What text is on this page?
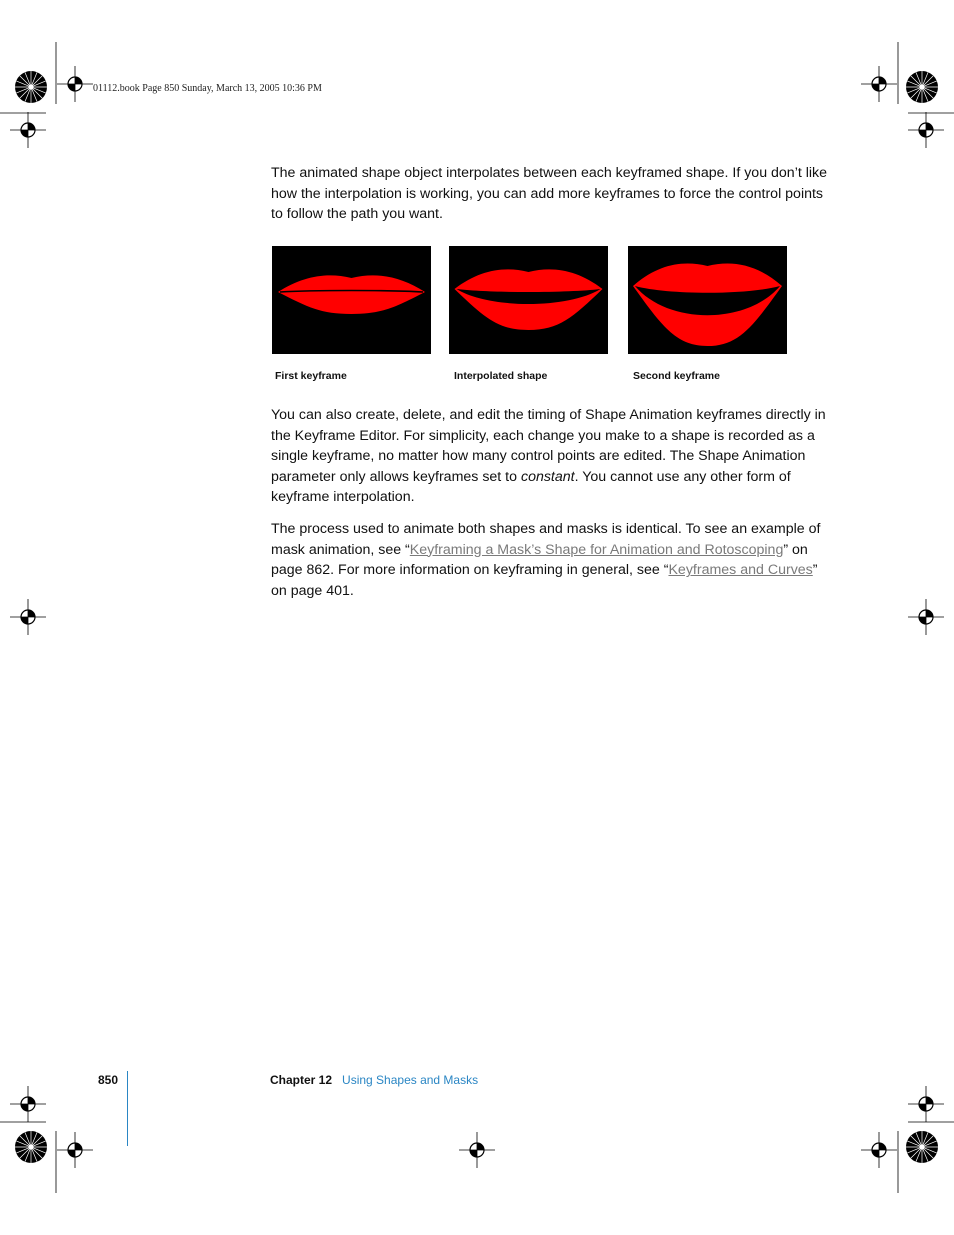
01112.book Page 850 Sunday, March 13, 2005 10:36 PM

The animated shape object interpolates between each keyframed shape. If you don’t like how the interpolation is working, you can add more keyframes to force the control points to follow the path you want.

First keyframe	Interpolated shape	Second keyframe

You can also create, delete, and edit the timing of Shape Animation keyframes directly in the Keyframe Editor. For simplicity, each change you make to a shape is recorded as a single keyframe, no matter how many control points are edited. The Shape Animation parameter only allows keyframes set to constant. You cannot use any other form of keyframe interpolation.

The process used to animate both shapes and masks is identical. To see an example of mask animation, see “Keyframing a Mask’s Shape for Animation and Rotoscoping” on page 862. For more information on keyframing in general, see “Keyframes and Curves” on page 401.

850	Chapter 12 Using Shapes and Masks
